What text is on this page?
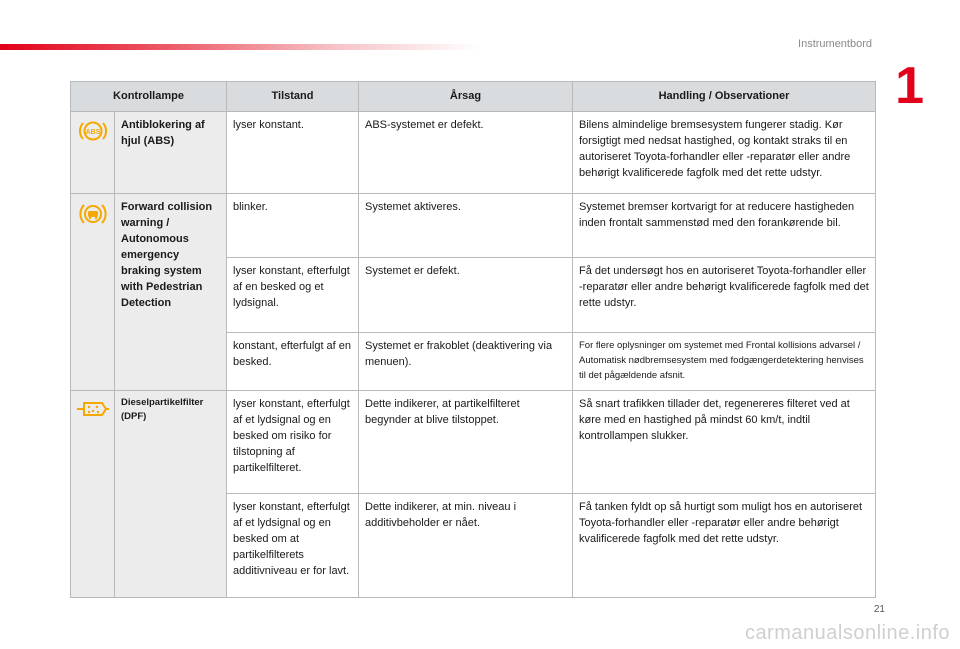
Instrumentbord
1
Kontrollampe		Tilstand	Årsag	Handling / Observationer

ABS	Antiblokering af hjul (ABS)	lyser konstant.	ABS-systemet er defekt.	Bilens almindelige bremsesystem fungerer stadig. Kør forsigtigt med nedsat hastighed, og kontakt straks til en autoriseret Toyota-forhandler eller -reparatør eller andre behørigt kvalificerede fagfolk med det rette udstyr.
	Forward collision warning / Autonomous emergency braking system with Pedestrian Detection	blinker.	Systemet aktiveres.	Systemet bremser kortvarigt for at reducere hastigheden inden frontalt sammenstød med den forankørende bil.
		lyser konstant, efterfulgt af en besked og et lydsignal.	Systemet er defekt.	Få det undersøgt hos en autoriseret Toyota-forhandler eller -reparatør eller andre behørigt kvalificerede fagfolk med det rette udstyr.
		konstant, efterfulgt af en besked.	Systemet er frakoblet (deaktivering via menuen).	For flere oplysninger om systemet med Frontal kollisions advarsel / Automatisk nødbremsesystem med fodgængerdetektering henvises til det pågældende afsnit.
	Dieselpartikelfilter (DPF)	lyser konstant, efterfulgt af et lydsignal og en besked om risiko for tilstopning af partikelfilteret.	Dette indikerer, at partikelfilteret begynder at blive tilstoppet.	Så snart trafikken tillader det, regenereres filteret ved at køre med en hastighed på mindst 60 km/t, indtil kontrollampen slukker.
		lyser konstant, efterfulgt af et lydsignal og en besked om at partikelfilterets additivniveau er for lavt.	Dette indikerer, at min. niveau i additivbeholder er nået.	Få tanken fyldt op så hurtigt som muligt hos en autoriseret Toyota-forhandler eller -reparatør eller andre behørigt kvalificerede fagfolk med det rette udstyr.
21
carmanualsonline.info
